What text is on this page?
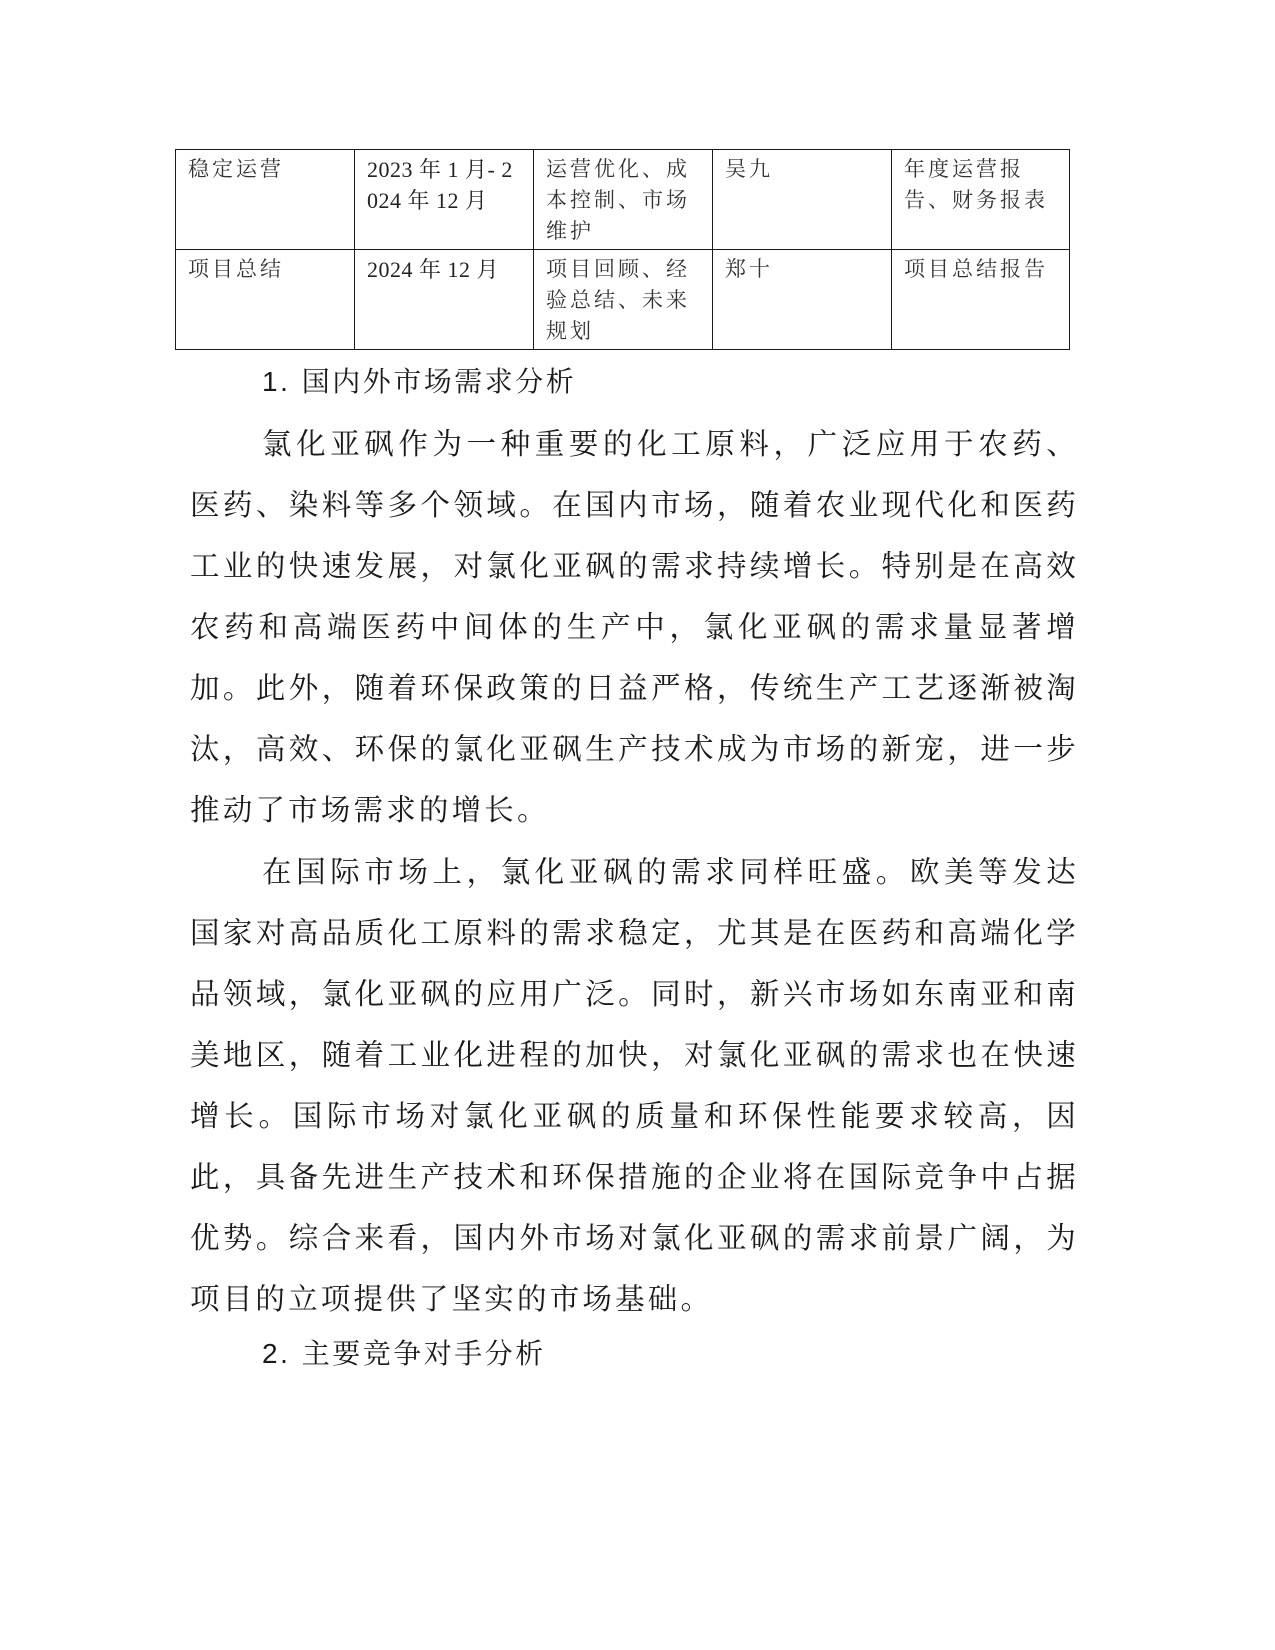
稳定运营	2023 年 1 月- 2024 年 12 月	运营优化、成本控制、市场维护	吴九	年度运营报告、财务报表
项目总结	2024 年 12 月	项目回顾、经验总结、未来规划	郑十	项目总结报告
1. 国内外市场需求分析

氯化亚砜作为一种重要的化工原料，广泛应用于农药、医药、染料等多个领域。在国内市场，随着农业现代化和医药工业的快速发展，对氯化亚砜的需求持续增长。特别是在高效农药和高端医药中间体的生产中，氯化亚砜的需求量显著增加。此外，随着环保政策的日益严格，传统生产工艺逐渐被淘汰，高效、环保的氯化亚砜生产技术成为市场的新宠，进一步推动了市场需求的增长。

在国际市场上，氯化亚砜的需求同样旺盛。欧美等发达国家对高品质化工原料的需求稳定，尤其是在医药和高端化学品领域，氯化亚砜的应用广泛。同时，新兴市场如东南亚和南美地区，随着工业化进程的加快，对氯化亚砜的需求也在快速增长。国际市场对氯化亚砜的质量和环保性能要求较高，因此，具备先进生产技术和环保措施的企业将在国际竞争中占据优势。综合来看，国内外市场对氯化亚砜的需求前景广阔，为项目的立项提供了坚实的市场基础。

2. 主要竞争对手分析
